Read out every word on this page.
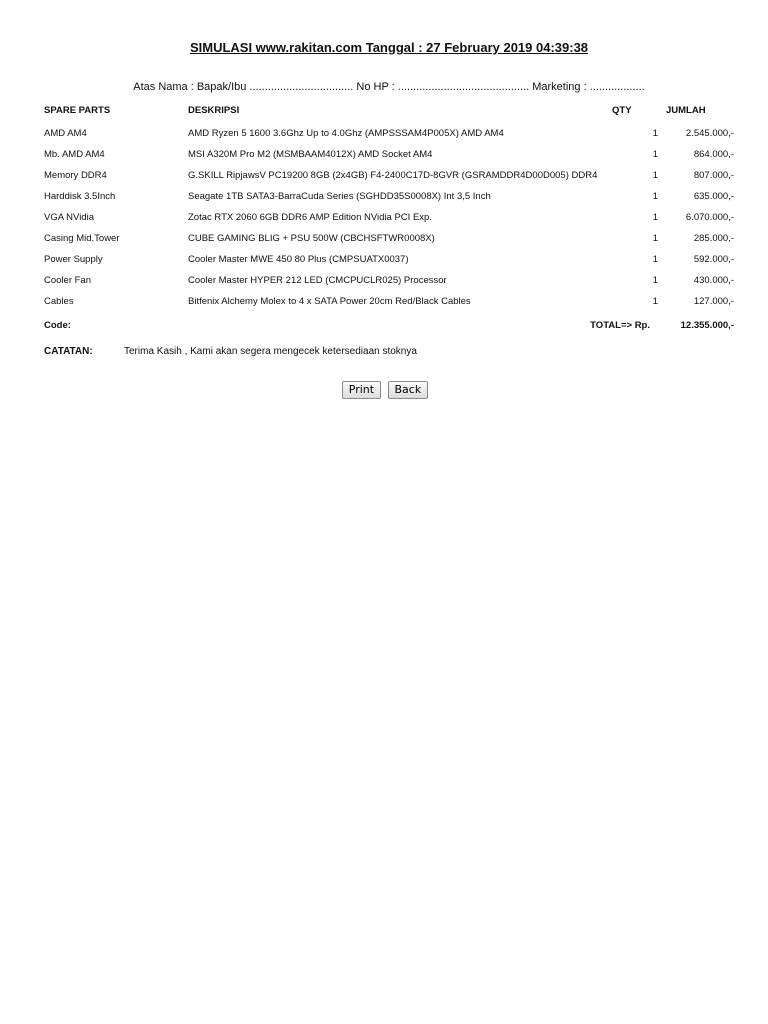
SIMULASI www.rakitan.com Tanggal : 27 February 2019 04:39:38
Atas Nama : Bapak/Ibu .................................. No HP : ........................................... Marketing : ..................
SPARE PARTS	DESKRIPSI	QTY	JUMLAH
AMD AM4	AMD Ryzen 5 1600 3.6Ghz Up to 4.0Ghz (AMPSSSAM4P005X) AMD AM4	1	2.545.000,-
Mb. AMD AM4	MSI A320M Pro M2 (MSMBAAM4012X) AMD Socket AM4	1	864.000,-
Memory DDR4	G.SKILL RipjawsV PC19200 8GB (2x4GB) F4-2400C17D-8GVR (GSRAMDDR4D00D005) DDR4	1	807.000,-
Harddisk 3.5Inch	Seagate 1TB SATA3-BarraCuda Series (SGHDD35S0008X) Int 3,5 Inch	1	635.000,-
VGA NVidia	Zotac RTX 2060 6GB DDR6 AMP Edition NVidia PCI Exp.	1	6.070.000,-
Casing Mid.Tower	CUBE GAMING BLIG + PSU 500W (CBCHSFTWR0008X)	1	285.000,-
Power Supply	Cooler Master MWE 450 80 Plus (CMPSUATX0037)	1	592.000,-
Cooler Fan	Cooler Master HYPER 212 LED (CMCPUCLR025) Processor	1	430.000,-
Cables	Bitfenix Alchemy Molex to 4 x SATA Power 20cm Red/Black Cables	1	127.000,-
Code:	TOTAL=> Rp.		12.355.000,-
CATATAN:	Terima Kasih , Kami akan segera mengecek ketersediaan stoknya
Print Back
